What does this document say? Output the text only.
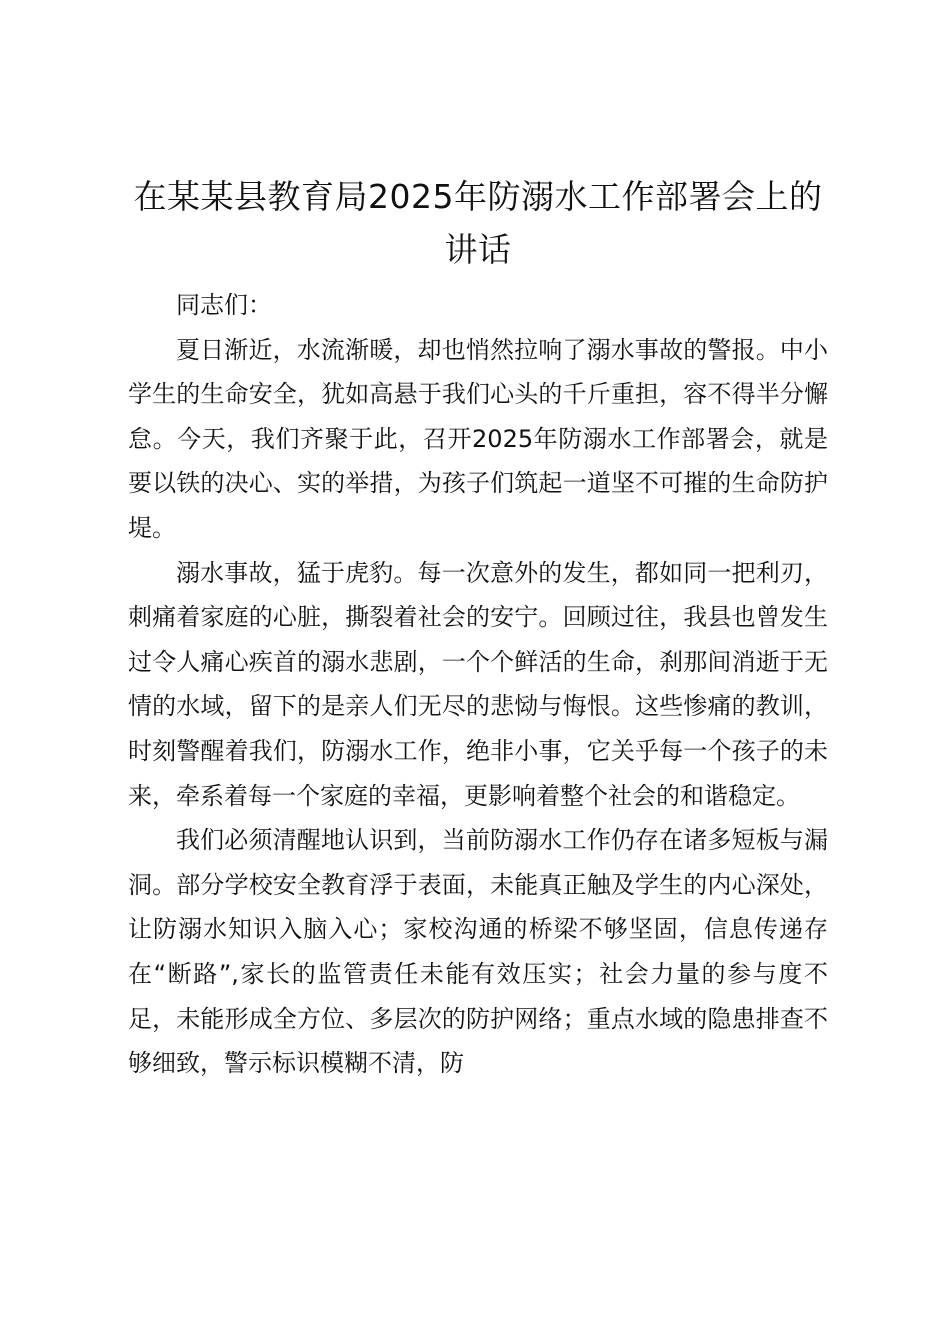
在某某县教育局2025年防溺水工作部署会上的讲话

同志们：

夏日渐近，水流渐暖，却也悄然拉响了溺水事故的警报。中小学生的生命安全，犹如高悬于我们心头的千斤重担，容不得半分懈怠。今天，我们齐聚于此，召开2025年防溺水工作部署会，就是要以铁的决心、实的举措，为孩子们筑起一道坚不可摧的生命防护堤。

溺水事故，猛于虎豹。每一次意外的发生，都如同一把利刃，刺痛着家庭的心脏，撕裂着社会的安宁。回顾过往，我县也曾发生过令人痛心疾首的溺水悲剧，一个个鲜活的生命，刹那间消逝于无情的水域，留下的是亲人们无尽的悲恸与悔恨。这些惨痛的教训，时刻警醒着我们，防溺水工作，绝非小事，它关乎每一个孩子的未来，牵系着每一个家庭的幸福，更影响着整个社会的和谐稳定。

我们必须清醒地认识到，当前防溺水工作仍存在诸多短板与漏洞。部分学校安全教育浮于表面，未能真正触及学生的内心深处，让防溺水知识入脑入心；家校沟通的桥梁不够坚固，信息传递存在“断路”,家长的监管责任未能有效压实；社会力量的参与度不足，未能形成全方位、多层次的防护网络；重点水域的隐患排查不够细致，警示标识模糊不清，防
